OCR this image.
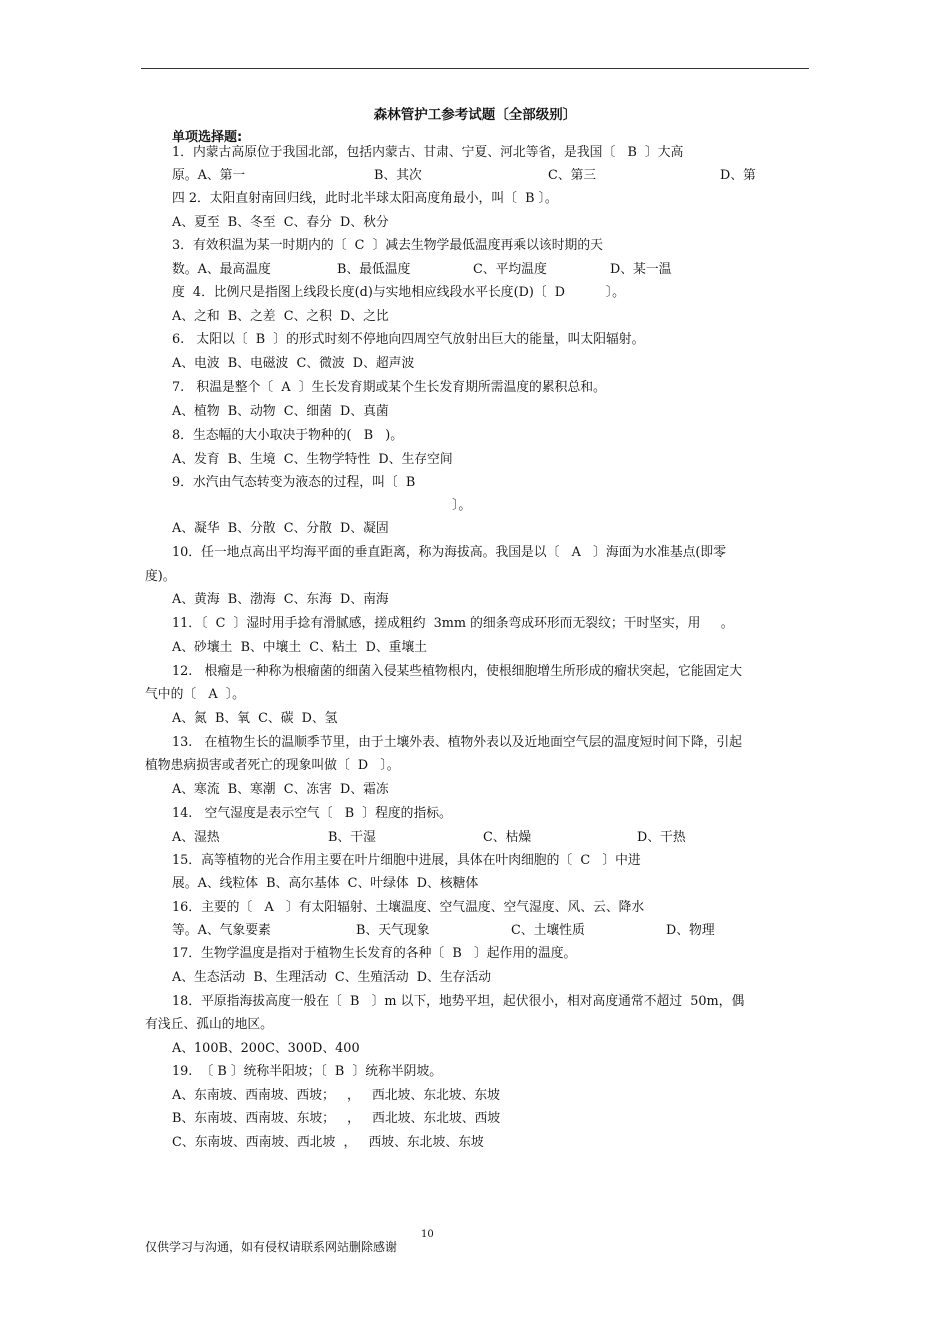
森林管护工参考试题〔全部级别〕
单项选择题:
1．内蒙古高原位于我国北部，包括内蒙古、甘肃、宁夏、河北等省，是我国〔   B  〕大高
原。A、第一	B、其次	C、第三	D、第
四 2．太阳直射南回归线，此时北半球太阳高度角最小，叫〔  B 〕。
A、夏至  B、冬至  C、春分  D、秋分
3．有效积温为某一时期内的〔  C  〕减去生物学最低温度再乘以该时期的天
数。A、最高温度	B、最低温度	C、平均温度	D、某一温
度  4．比例尺是指图上线段长度(d)与实地相应线段水平长度(D)〔  D          〕。
A、之和  B、之差  C、之积  D、之比
6.   太阳以〔  B  〕的形式时刻不停地向四周空气放射出巨大的能量，叫太阳辐射。
A、电波  B、电磁波  C、微波  D、超声波
7.   积温是整个〔  A  〕生长发育期或某个生长发育期所需温度的累积总和。
A、植物  B、动物  C、细菌  D、真菌
8．生态幅的大小取决于物种的(   B   )。
A、发育  B、生境  C、生物学特性  D、生存空间
9．水汽由气态转变为液态的过程，叫〔  B
〕。
A、凝华  B、分散  C、分散  D、凝固
10．任一地点高出平均海平面的垂直距离，称为海拔高。我国是以〔   A   〕海面为水准基点(即零
度)。
A、黄海  B、渤海  C、东海  D、南海
11．〔  C  〕湿时用手捻有滑腻感，搓成粗约  3mm 的细条弯成环形而无裂纹；干时坚实，用     。
A、砂壤土  B、中壤土  C、粘土  D、重壤土
12.   根瘤是一种称为根瘤菌的细菌入侵某些植物根内，使根细胞增生所形成的瘤状突起，它能固定大
气中的〔   A  〕。
A、氮  B、氧  C、碳  D、氢
13.   在植物生长的温顺季节里，由于土壤外表、植物外表以及近地面空气层的温度短时间下降，引起
植物患病损害或者死亡的现象叫做〔  D   〕。
A、寒流  B、寒潮  C、冻害  D、霜冻
14.   空气湿度是表示空气〔   B  〕程度的指标。
A、湿热	B、干湿	C、枯燥	D、干热
15．高等植物的光合作用主要在叶片细胞中进展，具体在叶肉细胞的〔  C   〕中进
展。A、线粒体  B、高尔基体  C、叶绿体  D、核糖体
16．主要的〔   A   〕有太阳辐射、土壤温度、空气温度、空气湿度、风、云、降水
等。A、气象要素	B、天气现象	C、土壤性质	D、物理
17．生物学温度是指对于植物生长发育的各种〔  B   〕起作用的温度。
A、生态活动  B、生理活动  C、生殖活动  D、生存活动
18．平原指海拔高度一般在〔  B   〕m 以下，地势平坦，起伏很小，相对高度通常不超过  50m，偶
有浅丘、孤山的地区。
A、100B、200C、300D、400
19.  〔 B 〕统称半阳坡；〔  B  〕统称半阴坡。
A、东南坡、西南坡、西坡；   ，   西北坡、东北坡、东坡
B、东南坡、西南坡、东坡；   ，   西北坡、东北坡、西坡
C、东南坡、西南坡、西北坡  ，   西坡、东北坡、东坡
仅供学习与沟通，如有侵权请联系网站删除感谢
10
